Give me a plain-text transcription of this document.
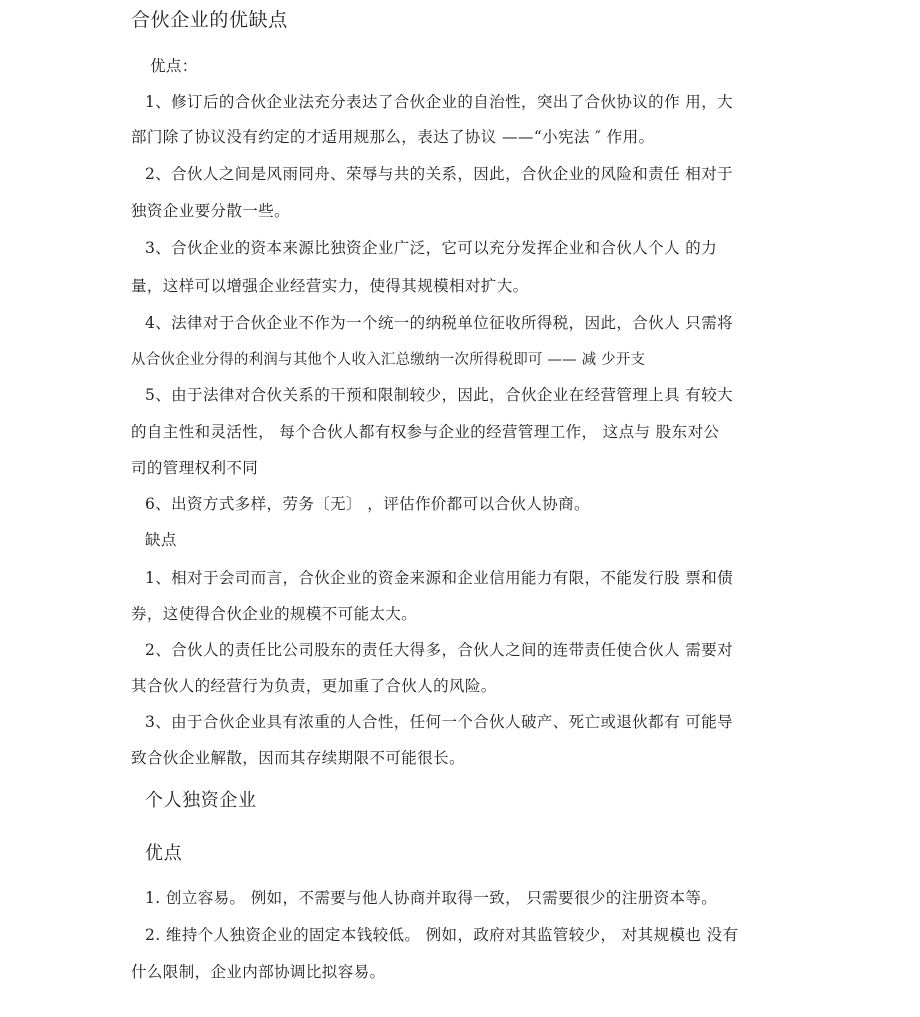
合伙企业的优缺点
优点：
1、修订后的合伙企业法充分表达了合伙企业的自治性，突出了合伙协议的作 用，大
部门除了协议没有约定的才适用规那么，表达了协议 ——“小宪法 ″ 作用。
2、合伙人之间是风雨同舟、荣辱与共的关系，因此，合伙企业的风险和责任 相对于
独资企业要分散一些。
3、合伙企业的资本来源比独资企业广泛，它可以充分发挥企业和合伙人个人 的力
量，这样可以增强企业经营实力，使得其规模相对扩大。
4、法律对于合伙企业不作为一个统一的纳税单位征收所得税，因此，合伙人 只需将
从合伙企业分得的利润与其他个人收入汇总缴纳一次所得税即可 —— 减 少开支
5、由于法律对合伙关系的干预和限制较少，因此，合伙企业在经营管理上具 有较大
的自主性和灵活性， 每个合伙人都有权参与企业的经营管理工作， 这点与 股东对公
司的管理权利不同
6、出资方式多样，劳务〔无〕 ，评估作价都可以合伙人协商。
缺点
1、相对于会司而言，合伙企业的资金来源和企业信用能力有限，不能发行股 票和债
券，这使得合伙企业的规模不可能太大。
2、合伙人的责任比公司股东的责任大得多，合伙人之间的连带责任使合伙人 需要对
其合伙人的经营行为负责，更加重了合伙人的风险。
3、由于合伙企业具有浓重的人合性，任何一个合伙人破产、死亡或退伙都有 可能导
致合伙企业解散，因而其存续期限不可能很长。
个人独资企业
优点
1. 创立容易。 例如，不需要与他人协商并取得一致， 只需要很少的注册资本等。
2. 维持个人独资企业的固定本钱较低。 例如，政府对其监管较少， 对其规模也 没有
什么限制，企业内部协调比拟容易。
